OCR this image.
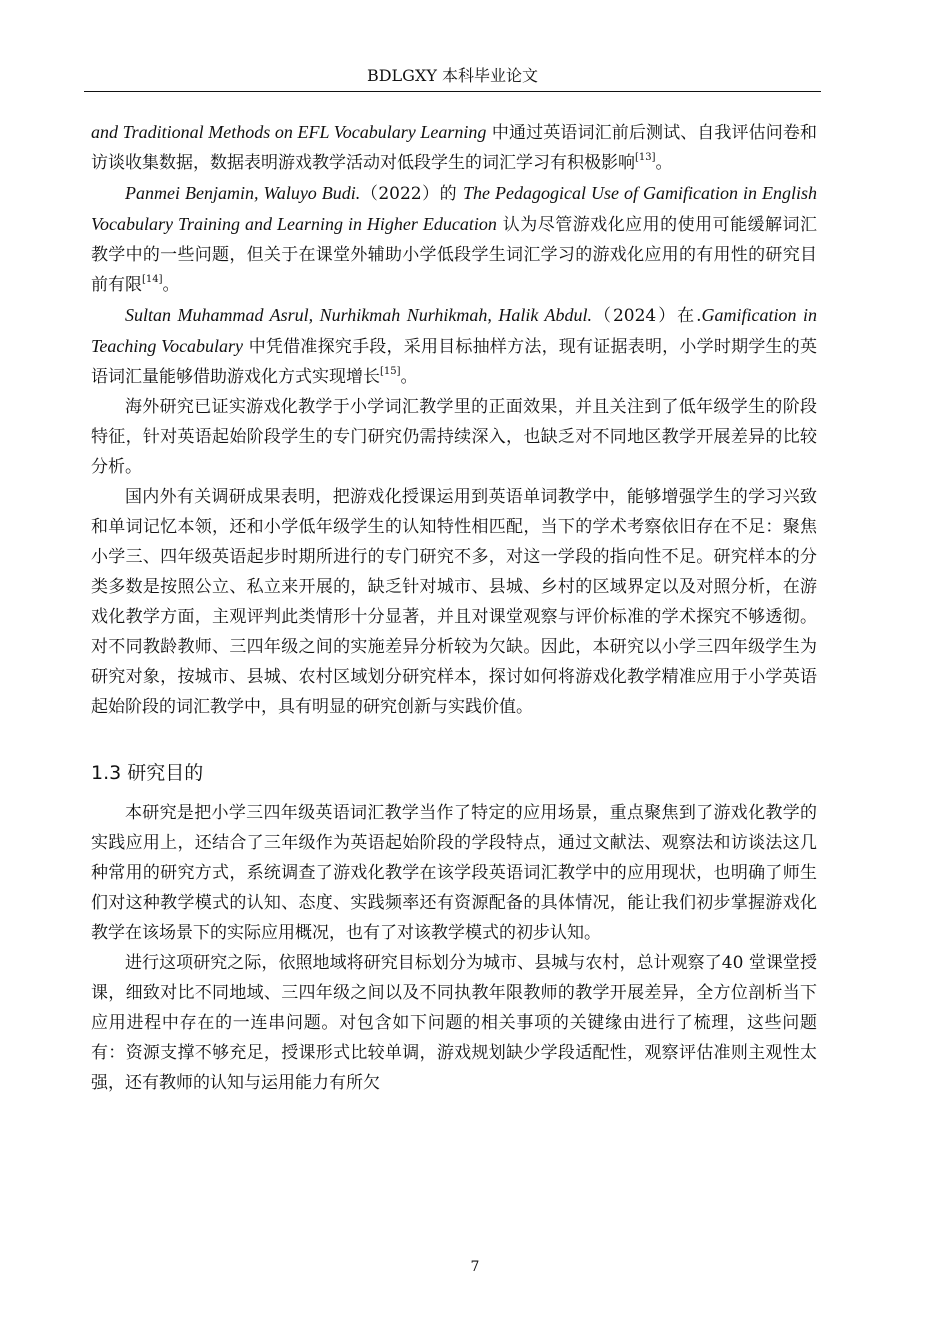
BDLGXY 本科毕业论文

and Traditional Methods on EFL Vocabulary Learning 中通过英语词汇前后测试、自我评估问卷和访谈收集数据，数据表明游戏教学活动对低段学生的词汇学习有积极影响[13]。

Panmei Benjamin, Waluyo Budi.（2022）的 The Pedagogical Use of Gamification in English Vocabulary Training and Learning in Higher Education 认为尽管游戏化应用的使用可能缓解词汇教学中的一些问题，但关于在课堂外辅助小学低段学生词汇学习的游戏化应用的有用性的研究目前有限[14]。

Sultan Muhammad Asrul, Nurhikmah Nurhikmah, Halik Abdul.（2024）在.Gamification in Teaching Vocabulary 中凭借准探究手段，采用目标抽样方法，现有证据表明，小学时期学生的英语词汇量能够借助游戏化方式实现增长[15]。

海外研究已证实游戏化教学于小学词汇教学里的正面效果，并且关注到了低年级学生的阶段特征，针对英语起始阶段学生的专门研究仍需持续深入，也缺乏对不同地区教学开展差异的比较分析。

国内外有关调研成果表明，把游戏化授课运用到英语单词教学中，能够增强学生的学习兴致和单词记忆本领，还和小学低年级学生的认知特性相匹配，当下的学术考察依旧存在不足：聚焦小学三、四年级英语起步时期所进行的专门研究不多，对这一学段的指向性不足。研究样本的分类多数是按照公立、私立来开展的，缺乏针对城市、县城、乡村的区域界定以及对照分析，在游戏化教学方面，主观评判此类情形十分显著，并且对课堂观察与评价标准的学术探究不够透彻。对不同教龄教师、三四年级之间的实施差异分析较为欠缺。因此，本研究以小学三四年级学生为研究对象，按城市、县城、农村区域划分研究样本，探讨如何将游戏化教学精准应用于小学英语起始阶段的词汇教学中，具有明显的研究创新与实践价值。

1.3 研究目的

本研究是把小学三四年级英语词汇教学当作了特定的应用场景，重点聚焦到了游戏化教学的实践应用上，还结合了三年级作为英语起始阶段的学段特点，通过文献法、观察法和访谈法这几种常用的研究方式，系统调查了游戏化教学在该学段英语词汇教学中的应用现状，也明确了师生们对这种教学模式的认知、态度、实践频率还有资源配备的具体情况，能让我们初步掌握游戏化教学在该场景下的实际应用概况，也有了对该教学模式的初步认知。

进行这项研究之际，依照地域将研究目标划分为城市、县城与农村，总计观察了40 堂课堂授课，细致对比不同地域、三四年级之间以及不同执教年限教师的教学开展差异，全方位剖析当下应用进程中存在的一连串问题。对包含如下问题的相关事项的关键缘由进行了梳理，这些问题有：资源支撑不够充足，授课形式比较单调，游戏规划缺少学段适配性，观察评估准则主观性太强，还有教师的认知与运用能力有所欠

7
